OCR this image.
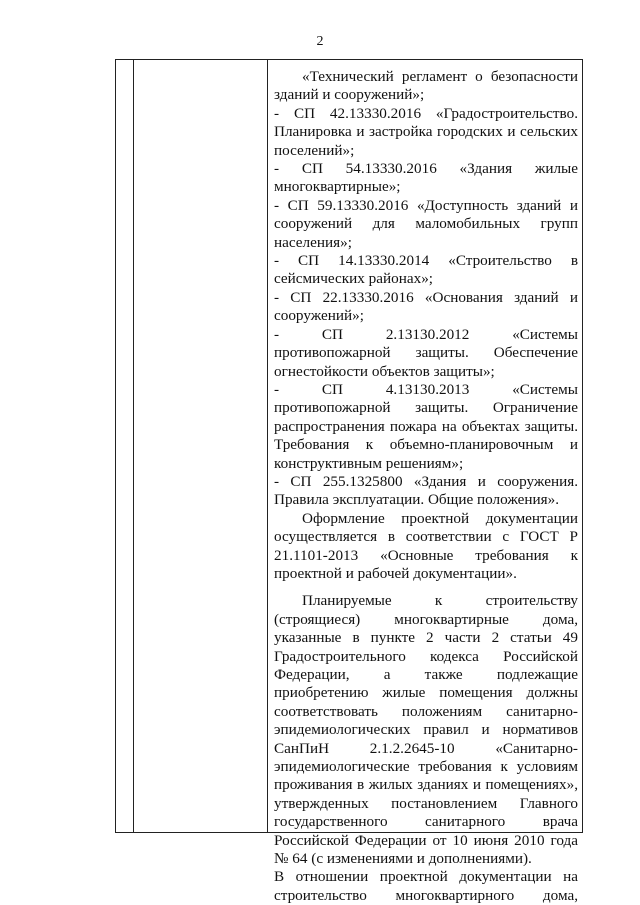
2

«Технический регламент о безопасности зданий и сооружений»;

- СП 42.13330.2016 «Градостроительство. Планировка и застройка городских и сельских поселений»;

- СП 54.13330.2016 «Здания жилые многоквартирные»;

- СП 59.13330.2016 «Доступность зданий и сооружений для маломобильных групп населения»;

- СП 14.13330.2014 «Строительство в сейсмических районах»;

- СП 22.13330.2016 «Основания зданий и сооружений»;

- СП 2.13130.2012 «Системы противопожарной защиты. Обеспечение огнестойкости объектов защиты»;

- СП 4.13130.2013 «Системы противопожарной защиты. Ограничение распространения пожара на объектах защиты. Требования к объемно-планировочным и конструктивным решениям»;

- СП 255.1325800 «Здания и сооружения. Правила эксплуатации. Общие положения».

Оформление проектной документации осуществляется в соответствии с ГОСТ Р 21.1101-2013 «Основные требования к проектной и рабочей документации».

Планируемые к строительству (строящиеся) многоквартирные дома, указанные в пункте 2 части 2 статьи 49 Градостроительного кодекса Российской Федерации, а также подлежащие приобретению жилые помещения должны соответствовать положениям санитарно-эпидемиологических правил и нормативов СанПиН 2.1.2.2645-10 «Санитарно-эпидемиологические требования к условиям проживания в жилых зданиях и помещениях», утвержденных постановлением Главного государственного санитарного врача Российской Федерации от 10 июня 2010 года № 64 (с изменениями и дополнениями).

В отношении проектной документации на строительство многоквартирного дома,
